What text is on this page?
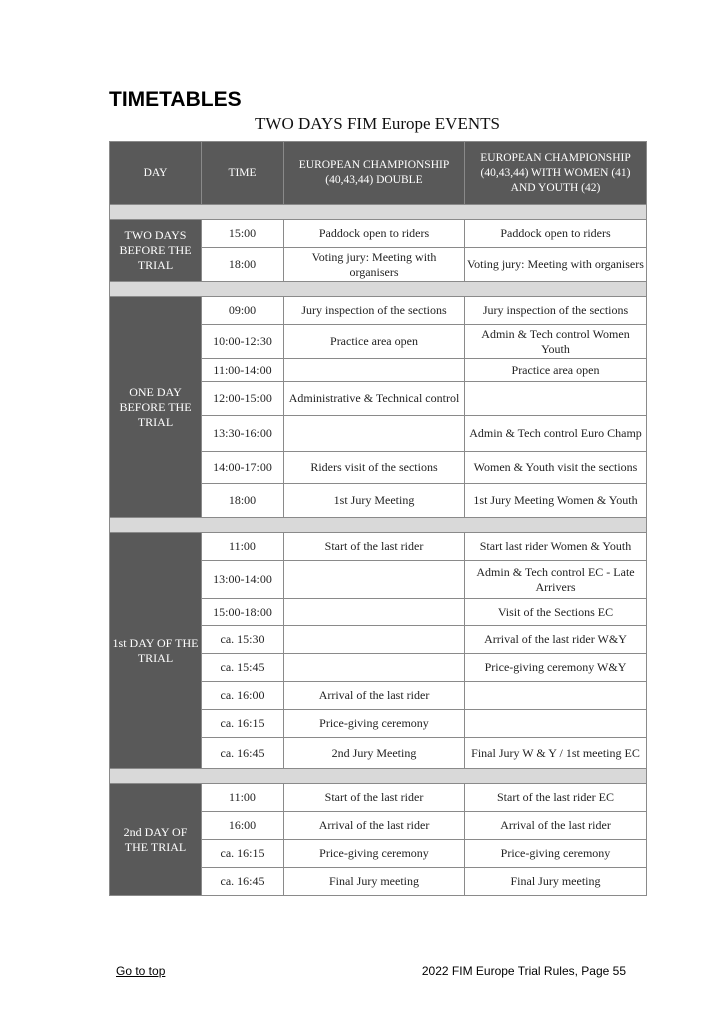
TIMETABLES
TWO DAYS FIM Europe EVENTS
DAY	TIME	EUROPEAN CHAMPIONSHIP (40,43,44) DOUBLE	EUROPEAN CHAMPIONSHIP (40,43,44) WITH WOMEN (41) AND YOUTH (42)

TWO DAYS BEFORE THE TRIAL	15:00	Paddock open to riders	Paddock open to riders
	18:00	Voting jury: Meeting with organisers	Voting jury: Meeting with organisers

ONE DAY BEFORE THE TRIAL	09:00	Jury inspection of the sections	Jury inspection of the sections
	10:00-12:30	Practice area open	Admin & Tech control Women Youth
	11:00-14:00		Practice area open
	12:00-15:00	Administrative & Technical control	
	13:30-16:00		Admin & Tech control Euro Champ
	14:00-17:00	Riders visit of the sections	Women & Youth visit the sections
	18:00	1st Jury Meeting	1st Jury Meeting Women & Youth

1st DAY OF THE TRIAL	11:00	Start of the last rider	Start last rider Women & Youth
	13:00-14:00		Admin & Tech control EC - Late Arrivers
	15:00-18:00		Visit of the Sections EC
	ca. 15:30		Arrival of the last rider W&Y
	ca. 15:45		Price-giving ceremony W&Y
	ca. 16:00	Arrival of the last rider	
	ca. 16:15	Price-giving ceremony	
	ca. 16:45	2nd Jury Meeting	Final Jury W & Y / 1st meeting EC

2nd DAY OF THE TRIAL	11:00	Start of the last rider	Start of the last rider EC
	16:00	Arrival of the last rider	Arrival of the last rider
	ca. 16:15	Price-giving ceremony	Price-giving ceremony
	ca. 16:45	Final Jury meeting	Final Jury meeting
Go to top	2022 FIM Europe Trial Rules, Page 55
